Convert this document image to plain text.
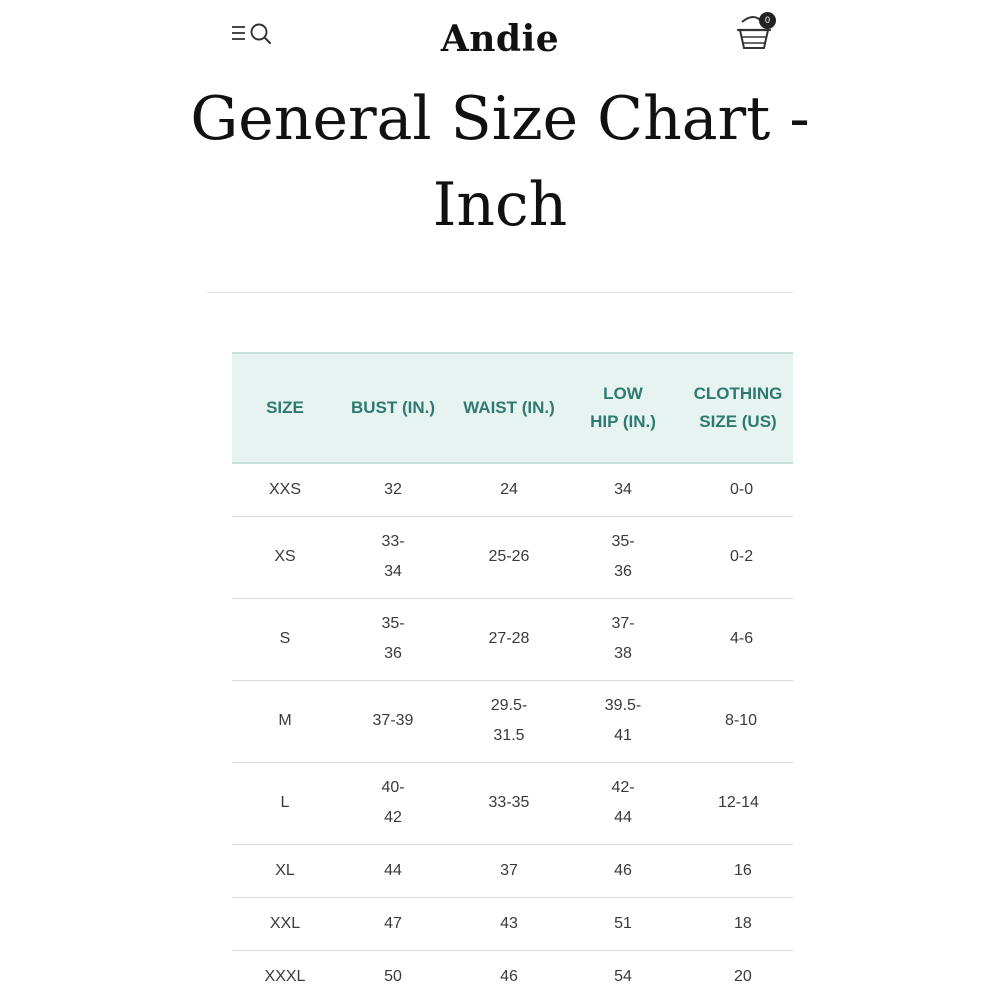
Andie	0
General Size Chart - Inch
SIZE	BUST (IN.)	WAIST (IN.)	LOW HIP (IN.)	CLOTHING SIZE (US)
XXS	32	24	34	0-0
XS	33-34	25-26	35-36	0-2
S	35-36	27-28	37-38	4-6
M	37-39	29.5-31.5	39.5-41	8-10
L	40-42	33-35	42-44	12-14
XL	44	37	46	16
XXL	47	43	51	18
XXXL	50	46	54	20
